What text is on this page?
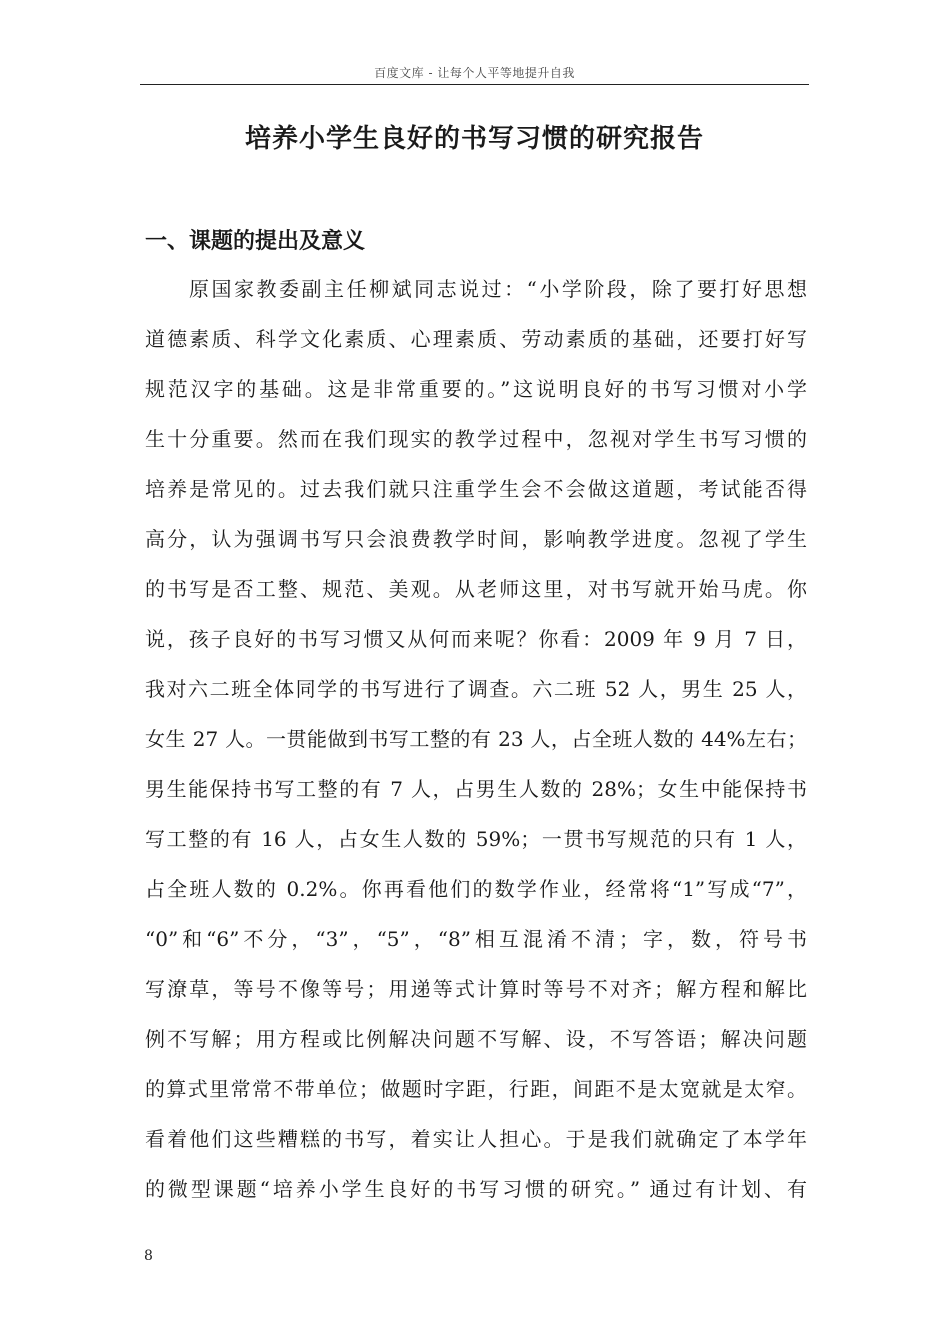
百度文库 - 让每个人平等地提升自我
培养小学生良好的书写习惯的研究报告
一、课题的提出及意义
原国家教委副主任柳斌同志说过：“小学阶段，除了要打好思想
道德素质、科学文化素质、心理素质、劳动素质的基础，还要打好写
规范汉字的基础。这是非常重要的。”这说明良好的书写习惯对小学
生十分重要。然而在我们现实的教学过程中，忽视对学生书写习惯的
培养是常见的。过去我们就只注重学生会不会做这道题，考试能否得
高分，认为强调书写只会浪费教学时间，影响教学进度。忽视了学生
的书写是否工整、规范、美观。从老师这里，对书写就开始马虎。你
说，孩子良好的书写习惯又从何而来呢？你看：2009 年 9 月 7 日，
我对六二班全体同学的书写进行了调查。六二班 52 人，男生 25 人，
女生 27 人。一贯能做到书写工整的有 23 人，占全班人数的 44%左右；
男生能保持书写工整的有 7 人，占男生人数的 28%；女生中能保持书
写工整的有 16 人，占女生人数的 59%；一贯书写规范的只有 1 人，
占全班人数的 0.2%。你再看他们的数学作业，经常将“1”写成“7”，
“0”和“6”不分，“3”，“5”，“8”相互混淆不清；字，数，符号书
写潦草，等号不像等号；用递等式计算时等号不对齐；解方程和解比
例不写解；用方程或比例解决问题不写解、设，不写答语；解决问题
的算式里常常不带单位；做题时字距，行距，间距不是太宽就是太窄。
看着他们这些糟糕的书写，着实让人担心。于是我们就确定了本学年
的微型课题“培养小学生良好的书写习惯的研究。” 通过有计划、有
8
